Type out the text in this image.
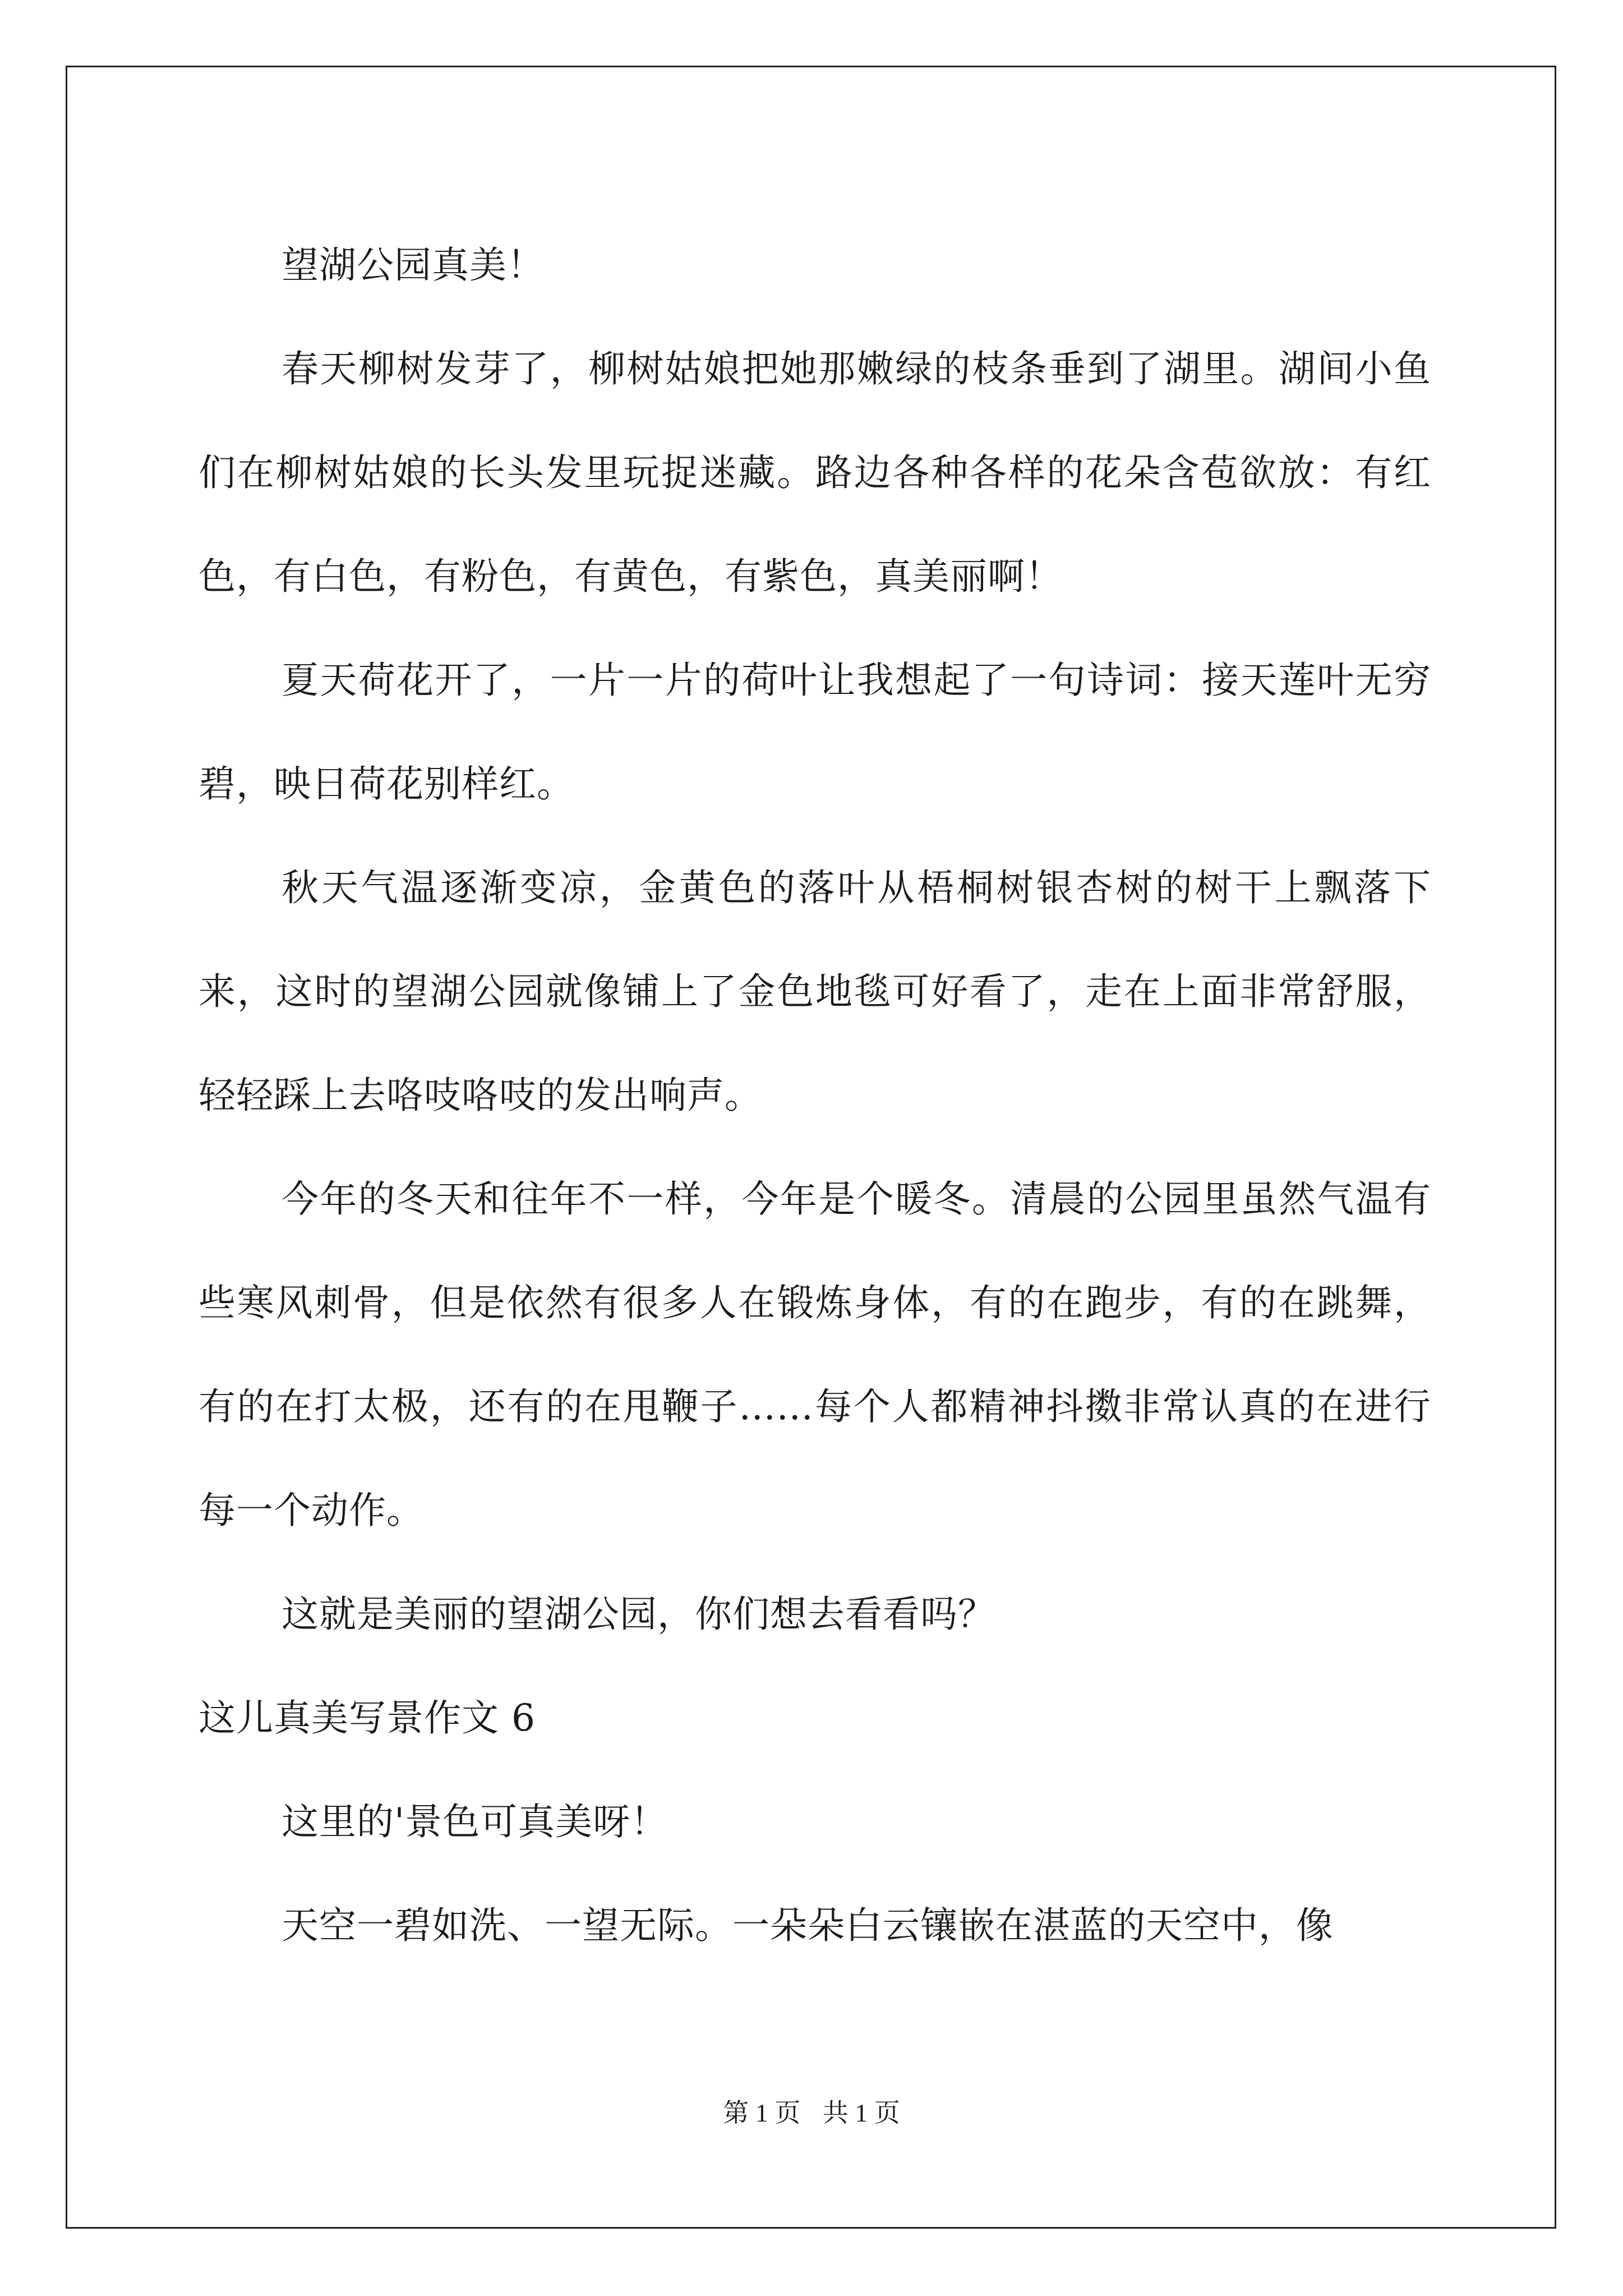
望湖公园真美！

春天柳树发芽了，柳树姑娘把她那嫩绿的枝条垂到了湖里。湖间小鱼们在柳树姑娘的长头发里玩捉迷藏。路边各种各样的花朵含苞欲放：有红色，有白色，有粉色，有黄色，有紫色，真美丽啊！

夏天荷花开了，一片一片的荷叶让我想起了一句诗词：接天莲叶无穷碧，映日荷花别样红。

秋天气温逐渐变凉，金黄色的落叶从梧桐树银杏树的树干上飘落下来，这时的望湖公园就像铺上了金色地毯可好看了，走在上面非常舒服，轻轻踩上去咯吱咯吱的发出响声。

今年的冬天和往年不一样，今年是个暖冬。清晨的公园里虽然气温有些寒风刺骨，但是依然有很多人在锻炼身体，有的在跑步，有的在跳舞，有的在打太极，还有的在甩鞭子……每个人都精神抖擞非常认真的在进行每一个动作。

这就是美丽的望湖公园，你们想去看看吗？

这儿真美写景作文 6

这里的'景色可真美呀！

天空一碧如洗、一望无际。一朵朵白云镶嵌在湛蓝的天空中，像

第 1 页 共 1 页
